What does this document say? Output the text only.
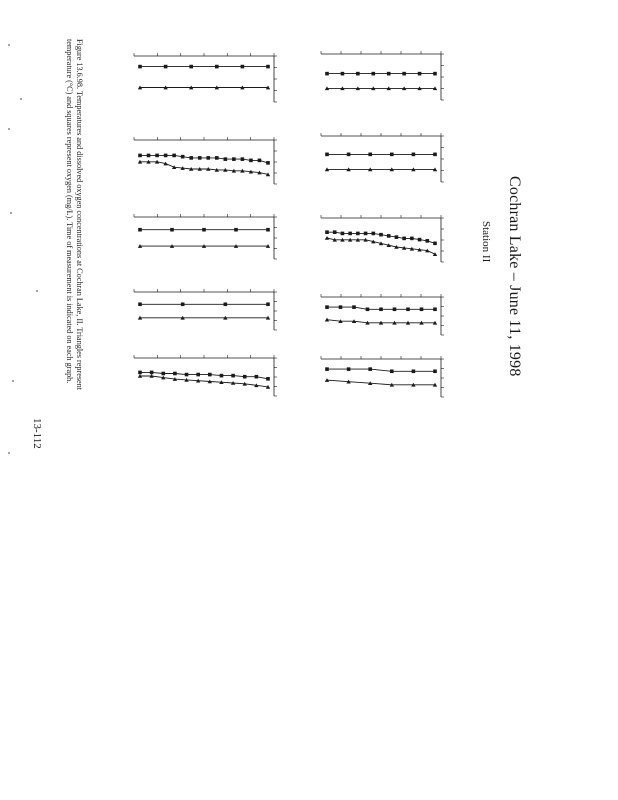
Cochran Lake – June 11, 1998
Station II
Figure 13.6.98. Temperatures and dissolved oxygen concentrations at Cochran Lake, Il. Triangles represent
temperature (°C) and squares represent oxygen (mg/L). Time of measurement is indicated on each graph.
13-112
